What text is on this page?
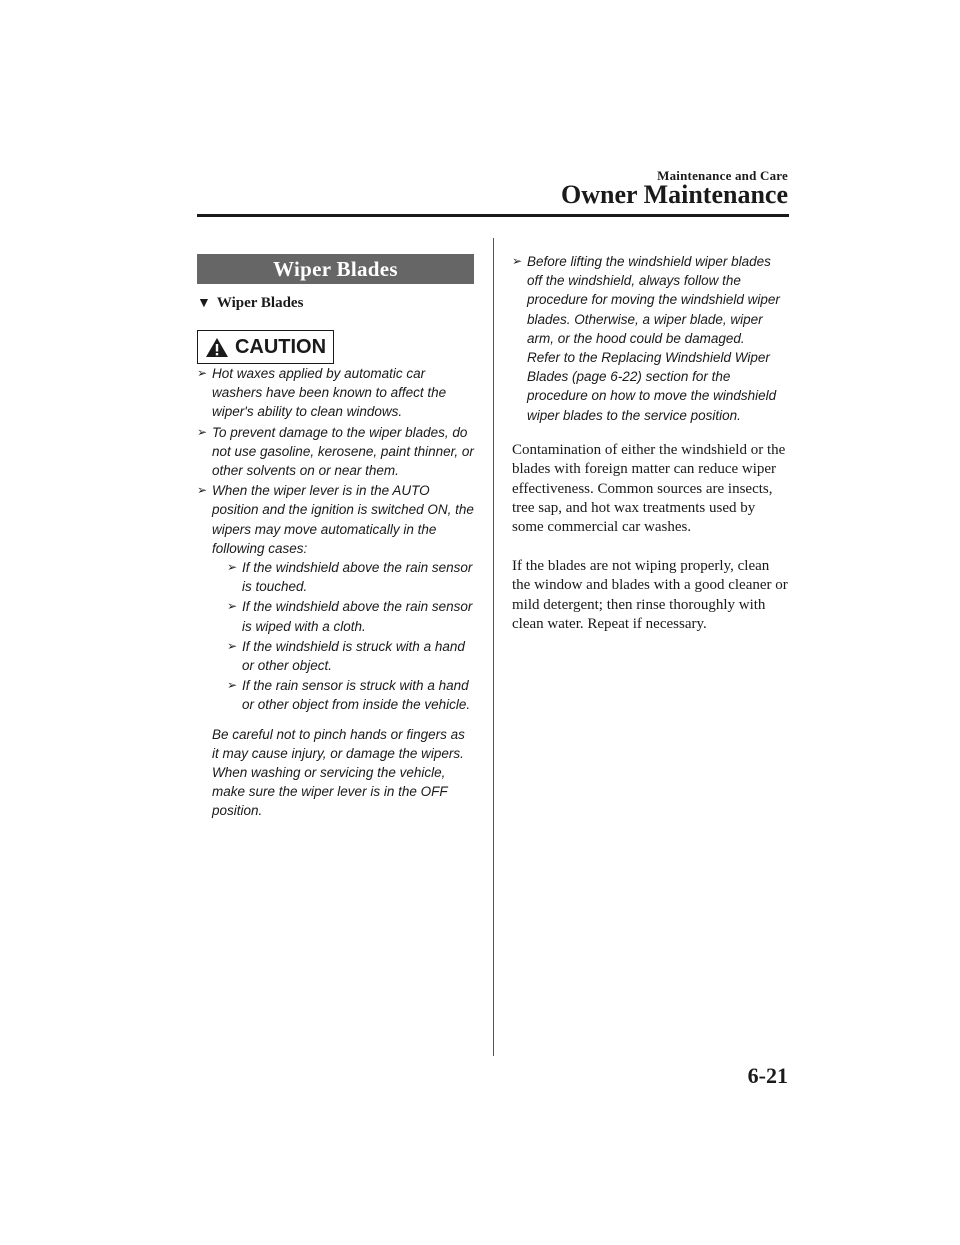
Maintenance and Care
Owner Maintenance
Wiper Blades
▼ Wiper Blades
CAUTION
➢ Hot waxes applied by automatic car washers have been known to affect the wiper's ability to clean windows.
➢ To prevent damage to the wiper blades, do not use gasoline, kerosene, paint thinner, or other solvents on or near them.
➢ When the wiper lever is in the AUTO position and the ignition is switched ON, the wipers may move automatically in the following cases:
➢ If the windshield above the rain sensor is touched.
➢ If the windshield above the rain sensor is wiped with a cloth.
➢ If the windshield is struck with a hand or other object.
➢ If the rain sensor is struck with a hand or other object from inside the vehicle.
Be careful not to pinch hands or fingers as it may cause injury, or damage the wipers. When washing or servicing the vehicle, make sure the wiper lever is in the OFF position.
➢ Before lifting the windshield wiper blades off the windshield, always follow the procedure for moving the windshield wiper blades. Otherwise, a wiper blade, wiper arm, or the hood could be damaged.
Refer to the Replacing Windshield Wiper Blades (page 6-22) section for the procedure on how to move the windshield wiper blades to the service position.

Contamination of either the windshield or the blades with foreign matter can reduce wiper effectiveness. Common sources are insects, tree sap, and hot wax treatments used by some commercial car washes.

If the blades are not wiping properly, clean the window and blades with a good cleaner or mild detergent; then rinse thoroughly with clean water. Repeat if necessary.

6-21
